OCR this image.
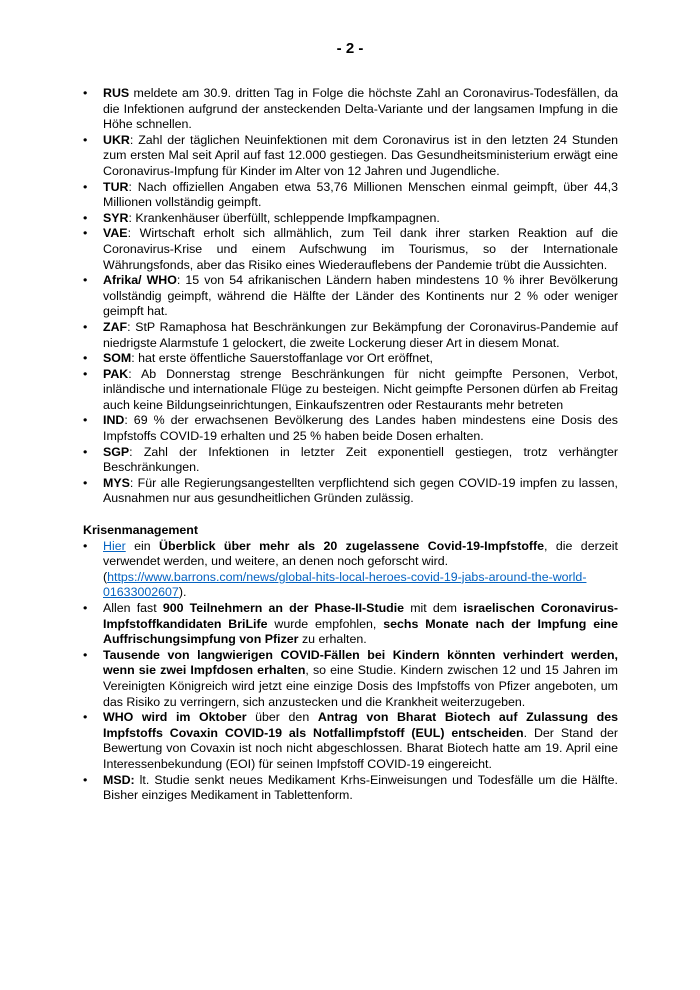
- 2 -
• RUS meldete am 30.9. dritten Tag in Folge die höchste Zahl an Coronavirus-Todesfällen, da die Infektionen aufgrund der ansteckenden Delta-Variante und der langsamen Impfung in die Höhe schnellen.
• UKR: Zahl der täglichen Neuinfektionen mit dem Coronavirus ist in den letzten 24 Stunden zum ersten Mal seit April auf fast 12.000 gestiegen. Das Gesundheitsministerium erwägt eine Coronavirus-Impfung für Kinder im Alter von 12 Jahren und Jugendliche.
• TUR: Nach offiziellen Angaben etwa 53,76 Millionen Menschen einmal geimpft, über 44,3 Millionen vollständig geimpft.
• SYR: Krankenhäuser überfüllt, schleppende Impfkampagnen.
• VAE: Wirtschaft erholt sich allmählich, zum Teil dank ihrer starken Reaktion auf die Coronavirus-Krise und einem Aufschwung im Tourismus, so der Internationale Währungsfonds, aber das Risiko eines Wiederauflebens der Pandemie trübt die Aussichten.
• Afrika/ WHO: 15 von 54 afrikanischen Ländern haben mindestens 10 % ihrer Bevölkerung vollständig geimpft, während die Hälfte der Länder des Kontinents nur 2 % oder weniger geimpft hat.
• ZAF: StP Ramaphosa hat Beschränkungen zur Bekämpfung der Coronavirus-Pandemie auf niedrigste Alarmstufe 1 gelockert, die zweite Lockerung dieser Art in diesem Monat.
• SOM: hat erste öffentliche Sauerstoffanlage vor Ort eröffnet,
• PAK: Ab Donnerstag strenge Beschränkungen für nicht geimpfte Personen, Verbot, inländische und internationale Flüge zu besteigen. Nicht geimpfte Personen dürfen ab Freitag auch keine Bildungseinrichtungen, Einkaufszentren oder Restaurants mehr betreten
• IND: 69 % der erwachsenen Bevölkerung des Landes haben mindestens eine Dosis des Impfstoffs COVID-19 erhalten und 25 % haben beide Dosen erhalten.
• SGP: Zahl der Infektionen in letzter Zeit exponentiell gestiegen, trotz verhängter Beschränkungen.
• MYS: Für alle Regierungsangestellten verpflichtend sich gegen COVID-19 impfen zu lassen, Ausnahmen nur aus gesundheitlichen Gründen zulässig.
Krisenmanagement
• Hier ein Überblick über mehr als 20 zugelassene Covid-19-Impfstoffe, die derzeit verwendet werden, und weitere, an denen noch geforscht wird.
(https://www.barrons.com/news/global-hits-local-heroes-covid-19-jabs-around-the-world-01633002607).
• Allen fast 900 Teilnehmern an der Phase-II-Studie mit dem israelischen Coronavirus-Impfstoffkandidaten BriLife wurde empfohlen, sechs Monate nach der Impfung eine Auffrischungsimpfung von Pfizer zu erhalten.
• Tausende von langwierigen COVID-Fällen bei Kindern könnten verhindert werden, wenn sie zwei Impfdosen erhalten, so eine Studie. Kindern zwischen 12 und 15 Jahren im Vereinigten Königreich wird jetzt eine einzige Dosis des Impfstoffs von Pfizer angeboten, um das Risiko zu verringern, sich anzustecken und die Krankheit weiterzugeben.
• WHO wird im Oktober über den Antrag von Bharat Biotech auf Zulassung des Impfstoffs Covaxin COVID-19 als Notfallimpfstoff (EUL) entscheiden. Der Stand der Bewertung von Covaxin ist noch nicht abgeschlossen. Bharat Biotech hatte am 19. April eine Interessenbekundung (EOI) für seinen Impfstoff COVID-19 eingereicht.
• MSD: lt. Studie senkt neues Medikament Krhs-Einweisungen und Todesfälle um die Hälfte. Bisher einziges Medikament in Tablettenform.
